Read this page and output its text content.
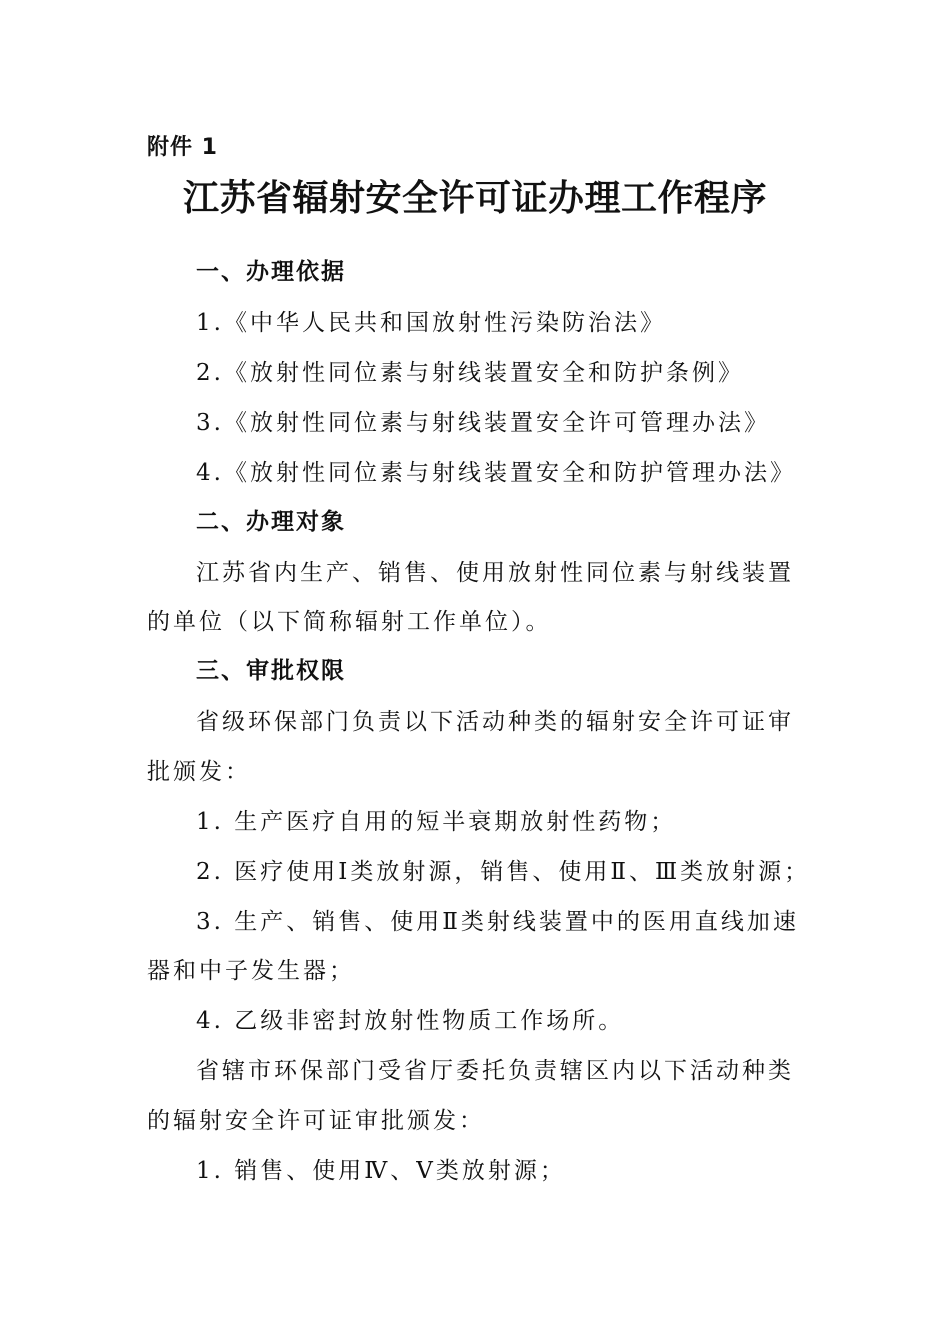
附件 1
江苏省辐射安全许可证办理工作程序
一、办理依据
1.《中华人民共和国放射性污染防治法》
2.《放射性同位素与射线装置安全和防护条例》
3.《放射性同位素与射线装置安全许可管理办法》
4.《放射性同位素与射线装置安全和防护管理办法》
二、办理对象
江苏省内生产、销售、使用放射性同位素与射线装置
的单位（以下简称辐射工作单位）。
三、审批权限
省级环保部门负责以下活动种类的辐射安全许可证审
批颁发：
1. 生产医疗自用的短半衰期放射性药物；
2. 医疗使用Ⅰ类放射源，销售、使用Ⅱ、Ⅲ类放射源；
3. 生产、销售、使用Ⅱ类射线装置中的医用直线加速
器和中子发生器；
4. 乙级非密封放射性物质工作场所。
省辖市环保部门受省厅委托负责辖区内以下活动种类
的辐射安全许可证审批颁发：
1. 销售、使用Ⅳ、Ⅴ类放射源；
